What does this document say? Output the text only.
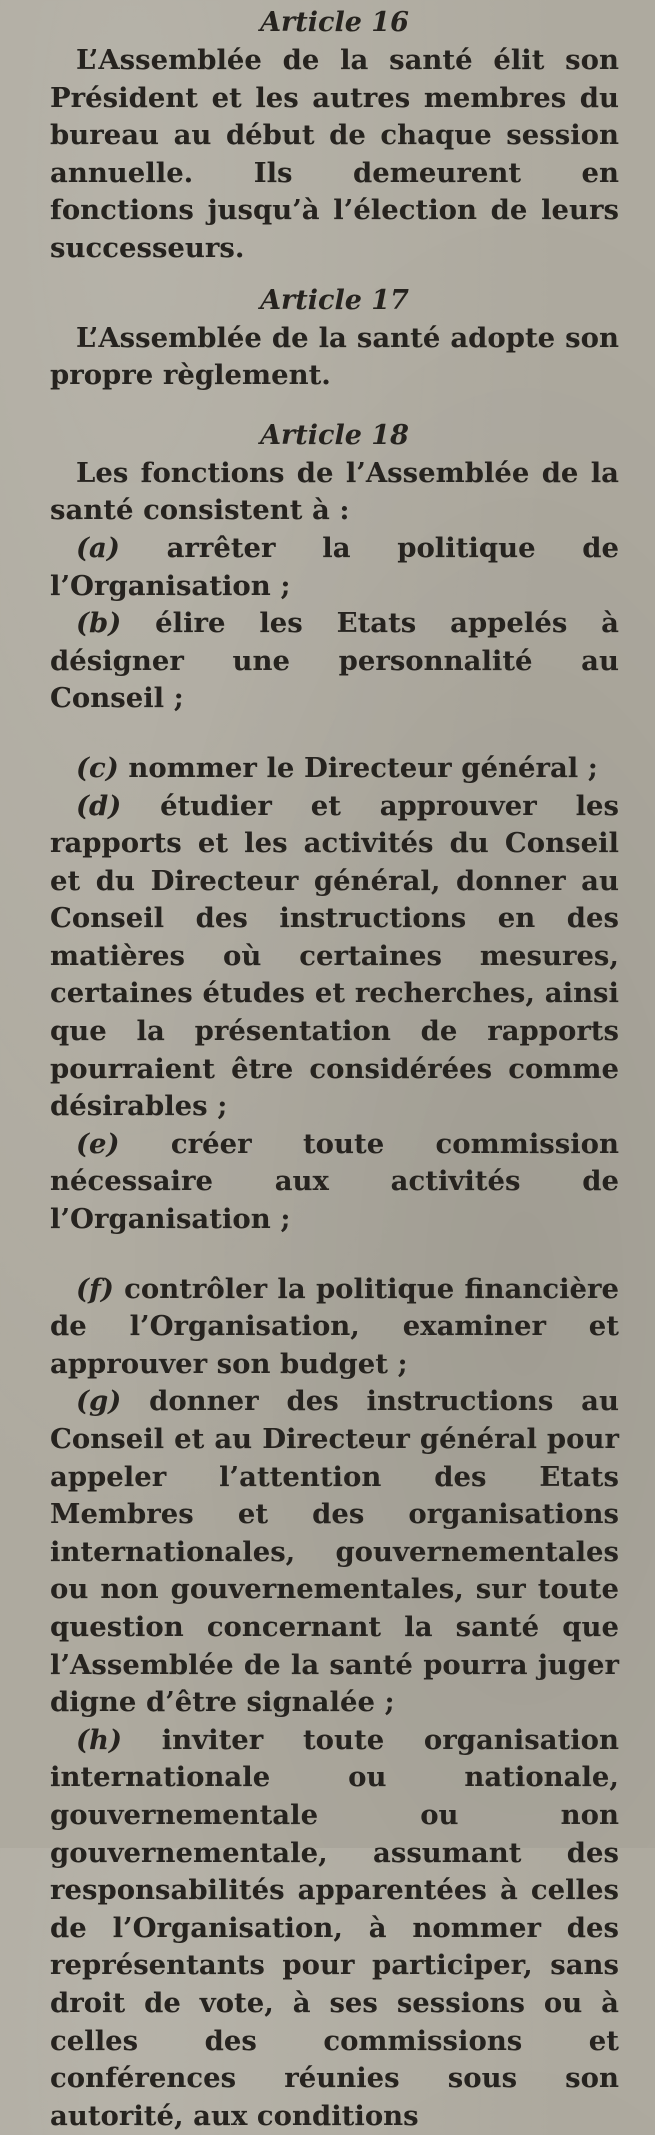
Article 16

L’Assemblée de la santé élit son Président et les autres membres du bureau au début de chaque session annuelle. Ils demeurent en fonctions jusqu’à l’élection de leurs successeurs.

Article 17

L’Assemblée de la santé adopte son propre règlement.

Article 18

Les fonctions de l’Assemblée de la santé consistent à :

(a) arrêter la politique de l’Organisation ;

(b) élire les Etats appelés à désigner une personnalité au Conseil ;

(c) nommer le Directeur général ;

(d) étudier et approuver les rapports et les activités du Conseil et du Directeur général, donner au Conseil des instructions en des matières où certaines mesures, certaines études et recherches, ainsi que la présentation de rapports pourraient être considérées comme désirables ;

(e) créer toute commission nécessaire aux activités de l’Organisation ;

(f) contrôler la politique financière de l’Organisation, examiner et approuver son budget ;

(g) donner des instructions au Conseil et au Directeur général pour appeler l’attention des Etats Membres et des organisations internationales, gouvernementales ou non gouvernementales, sur toute question concernant la santé que l’Assemblée de la santé pourra juger digne d’être signalée ;

(h) inviter toute organisation internationale ou nationale, gouvernementale ou non gouvernementale, assumant des responsabilités apparentées à celles de l’Organisation, à nommer des représentants pour participer, sans droit de vote, à ses sessions ou à celles des commissions et conférences réunies sous son autorité, aux conditions
